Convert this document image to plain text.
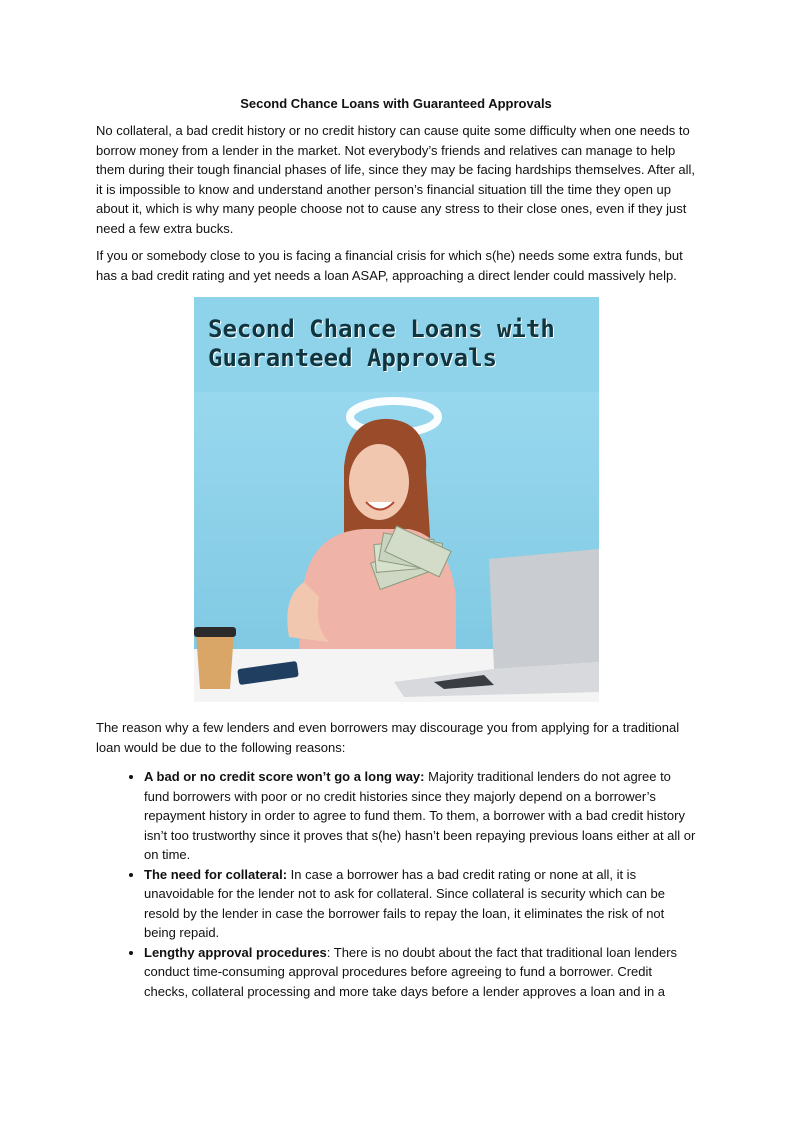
Second Chance Loans with Guaranteed Approvals

No collateral, a bad credit history or no credit history can cause quite some difficulty when one needs to borrow money from a lender in the market. Not everybody’s friends and relatives can manage to help them during their tough financial phases of life, since they may be facing hardships themselves. After all, it is impossible to know and understand another person’s financial situation till the time they open up about it, which is why many people choose not to cause any stress to their close ones, even if they just need a few extra bucks.

If you or somebody close to you is facing a financial crisis for which s(he) needs some extra funds, but has a bad credit rating and yet needs a loan ASAP, approaching a direct lender could massively help.

Second Chance Loans with
Guaranteed Approvals

The reason why a few lenders and even borrowers may discourage you from applying for a traditional loan would be due to the following reasons:

• A bad or no credit score won’t go a long way: Majority traditional lenders do not agree to fund borrowers with poor or no credit histories since they majorly depend on a borrower’s repayment history in order to agree to fund them. To them, a borrower with a bad credit history isn’t too trustworthy since it proves that s(he) hasn’t been repaying previous loans either at all or on time.
• The need for collateral: In case a borrower has a bad credit rating or none at all, it is unavoidable for the lender not to ask for collateral. Since collateral is security which can be resold by the lender in case the borrower fails to repay the loan, it eliminates the risk of not being repaid.
• Lengthy approval procedures: There is no doubt about the fact that traditional loan lenders conduct time-consuming approval procedures before agreeing to fund a borrower. Credit checks, collateral processing and more take days before a lender approves a loan and in a
